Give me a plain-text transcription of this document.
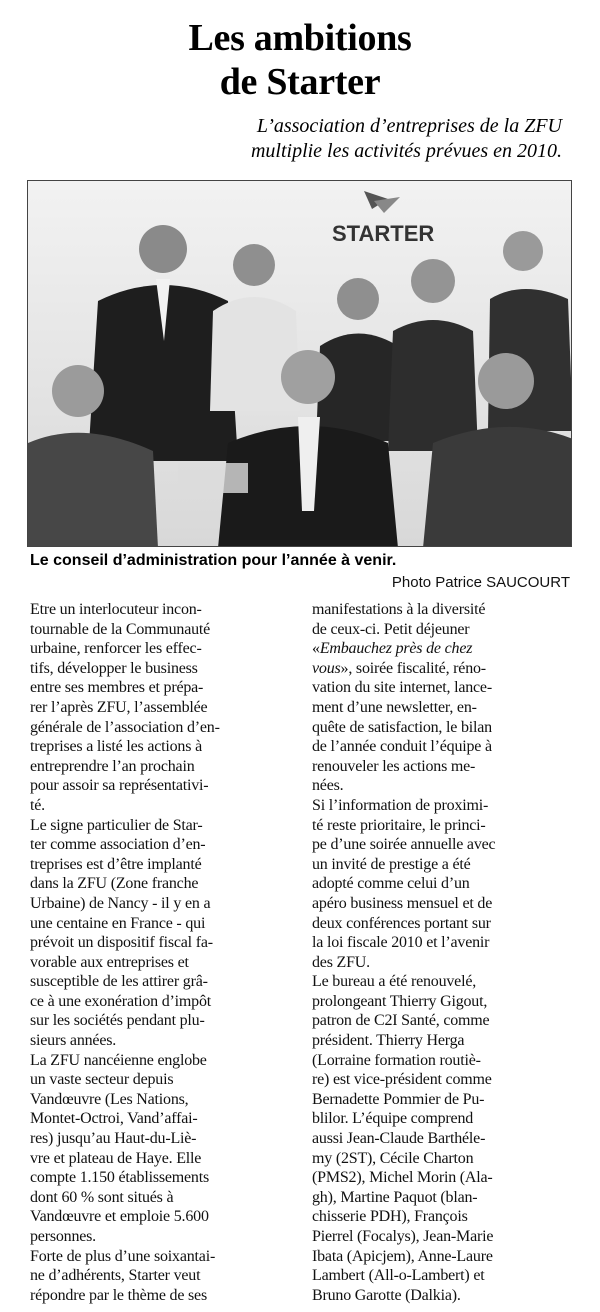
Les ambitions
de Starter
L’association d’entreprises de la ZFU
multiplie les activités prévues en 2010.
STARTER
Le conseil d’administration pour l’année à venir.
Photo Patrice SAUCOURT

Etre un interlocuteur incon-
tournable de la Communauté
urbaine, renforcer les effec-
tifs, développer le business
entre ses membres et prépa-
rer l’après ZFU, l’assemblée
générale de l’association d’en-
treprises a listé les actions à
entreprendre l’an prochain
pour assoir sa représentativi-
té.

Le signe particulier de Star-
ter comme association d’en-
treprises est d’être implanté
dans la ZFU (Zone franche
Urbaine) de Nancy - il y en a
une centaine en France - qui
prévoit un dispositif fiscal fa-
vorable aux entreprises et
susceptible de les attirer grâ-
ce à une exonération d’impôt
sur les sociétés pendant plu-
sieurs années.

La ZFU nancéienne englobe
un vaste secteur depuis
Vandœuvre (Les Nations,
Montet-Octroi, Vand’affai-
res) jusqu’au Haut-du-Liè-
vre et plateau de Haye. Elle
compte 1.150 établissements
dont 60 % sont situés à
Vandœuvre et emploie 5.600
personnes.

Forte de plus d’une soixantai-
ne d’adhérents, Starter veut
répondre par le thème de ses

manifestations à la diversité
de ceux-ci. Petit déjeuner
«Embauchez près de chez
vous», soirée fiscalité, réno-
vation du site internet, lance-
ment d’une newsletter, en-
quête de satisfaction, le bilan
de l’année conduit l’équipe à
renouveler les actions me-
nées.

Si l’information de proximi-
té reste prioritaire, le princi-
pe d’une soirée annuelle avec
un invité de prestige a été
adopté comme celui d’un
apéro business mensuel et de
deux conférences portant sur
la loi fiscale 2010 et l’avenir
des ZFU.

Le bureau a été renouvelé,
prolongeant Thierry Gigout,
patron de C2I Santé, comme
président. Thierry Herga
(Lorraine formation routiè-
re) est vice-président comme
Bernadette Pommier de Pu-
blilor. L’équipe comprend
aussi Jean-Claude Barthéle-
my (2ST), Cécile Charton
(PMS2), Michel Morin (Ala-
gh), Martine Paquot (blan-
chisserie PDH), François
Pierrel (Focalys), Jean-Marie
Ibata (Apicjem), Anne-Laure
Lambert (All-o-Lambert) et
Bruno Garotte (Dalkia).
